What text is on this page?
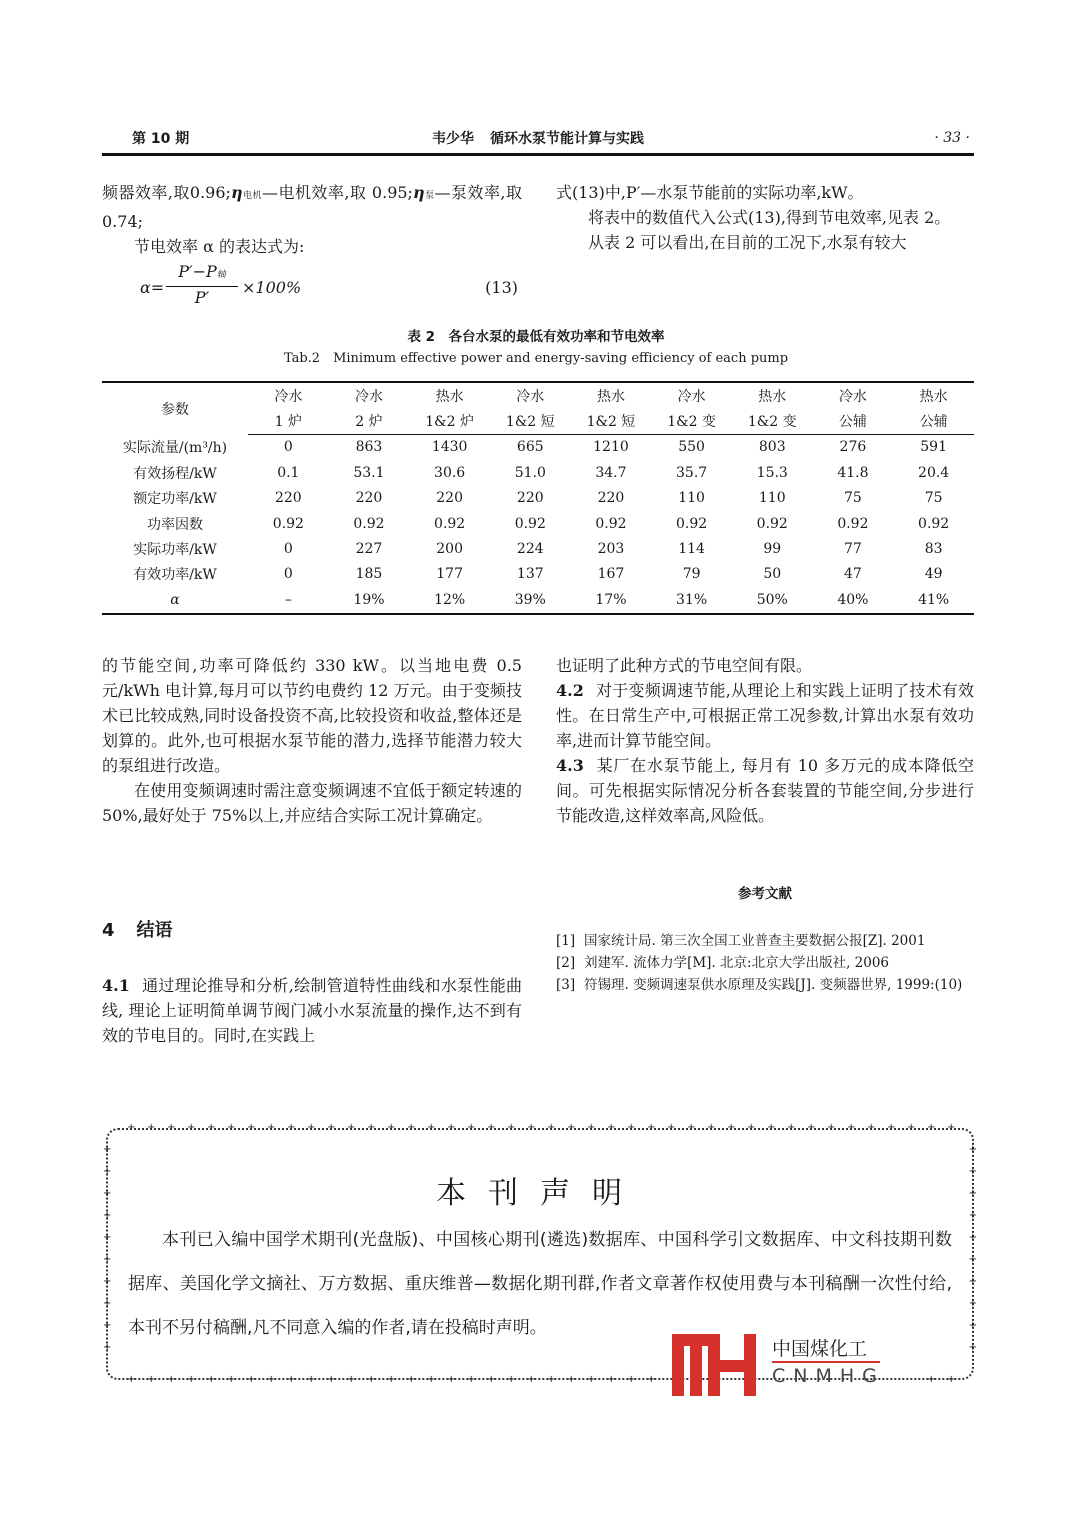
第 10 期	韦少华 循环水泵节能计算与实践	· 33 ·

频器效率,取0.96;η电机—电机效率,取 0.95;η泵—泵效率,取0.74;

节电效率 α 的表达式为:

α=
P′−P轴
P′
×100%	(13)

式(13)中,P′—水泵节能前的实际功率,kW。

将表中的数值代入公式(13),得到节电效率,见表 2。

从表 2 可以看出,在目前的工况下,水泵有较大

表 2　各台水泵的最低有效功率和节电效率
Tab.2　Minimum effective power and energy-saving efficiency of each pump
参数	冷水	冷水	热水	冷水	热水	冷水	热水	冷水	热水
	1 炉	2 炉	1&2 炉	1&2 短	1&2 短	1&2 变	1&2 变	公辅	公辅
实际流量/(m³/h)	0	863	1430	665	1210	550	803	276	591
有效扬程/kW	0.1	53.1	30.6	51.0	34.7	35.7	15.3	41.8	20.4
额定功率/kW	220	220	220	220	220	110	110	75	75
功率因数	0.92	0.92	0.92	0.92	0.92	0.92	0.92	0.92	0.92
实际功率/kW	0	227	200	224	203	114	99	77	83
有效功率/kW	0	185	177	137	167	79	50	47	49
α	–	19%	12%	39%	17%	31%	50%	40%	41%

的节能空间,功率可降低约 330 kW。以当地电费 0.5 元/kWh 电计算,每月可以节约电费约 12 万元。由于变频技术已比较成熟,同时设备投资不高,比较投资和收益,整体还是划算的。此外,也可根据水泵节能的潜力,选择节能潜力较大的泵组进行改造。

在使用变频调速时需注意变频调速不宜低于额定转速的 50%,最好处于 75%以上,并应结合实际工况计算确定。

4 结语

4.1 通过理论推导和分析,绘制管道特性曲线和水泵性能曲线, 理论上证明简单调节阀门减小水泵流量的操作,达不到有效的节电目的。同时,在实践上

也证明了此种方式的节电空间有限。

4.2 对于变频调速节能,从理论上和实践上证明了技术有效性。在日常生产中,可根据正常工况参数,计算出水泵有效功率,进而计算节能空间。

4.3 某厂在水泵节能上, 每月有 10 多万元的成本降低空间。可先根据实际情况分析各套装置的节能空间,分步进行节能改造,这样效率高,风险低。

参考文献
[1] 国家统计局. 第三次全国工业普查主要数据公报[Z]. 2001
[2] 刘建军. 流体力学[M]. 北京:北京大学出版社, 2006
[3] 符锡理. 变频调速泵供水原理及实践[J]. 变频器世界, 1999:(10)
本刊声明

本刊已入编中国学术期刊(光盘版)、中国核心期刊(遴选)数据库、中国科学引文数据库、中文科技期刊数据库、美国化学文摘社、万方数据、重庆维普—数据化期刊群,作者文章著作权使用费与本刊稿酬一次性付给,本刊不另付稿酬,凡不同意入编的作者,请在投稿时声明。

+
+
+
+
+
+
+
+
+
+
+
+
+
+
+
+
+
+
+
+
+
+
+
+
+
+
+
+
+
+
+
+
+
+
+
+
+
+
+
+
+
+
+
+
+
+
+
+
+
+
+
+
+
+
+ + + + + + + + + + + + + +
+
+
+
+	+
+	+
+	+
+	+
+	+
+	+
+	+
+	+
+	+
+	+
中国煤化工
CNMHG
